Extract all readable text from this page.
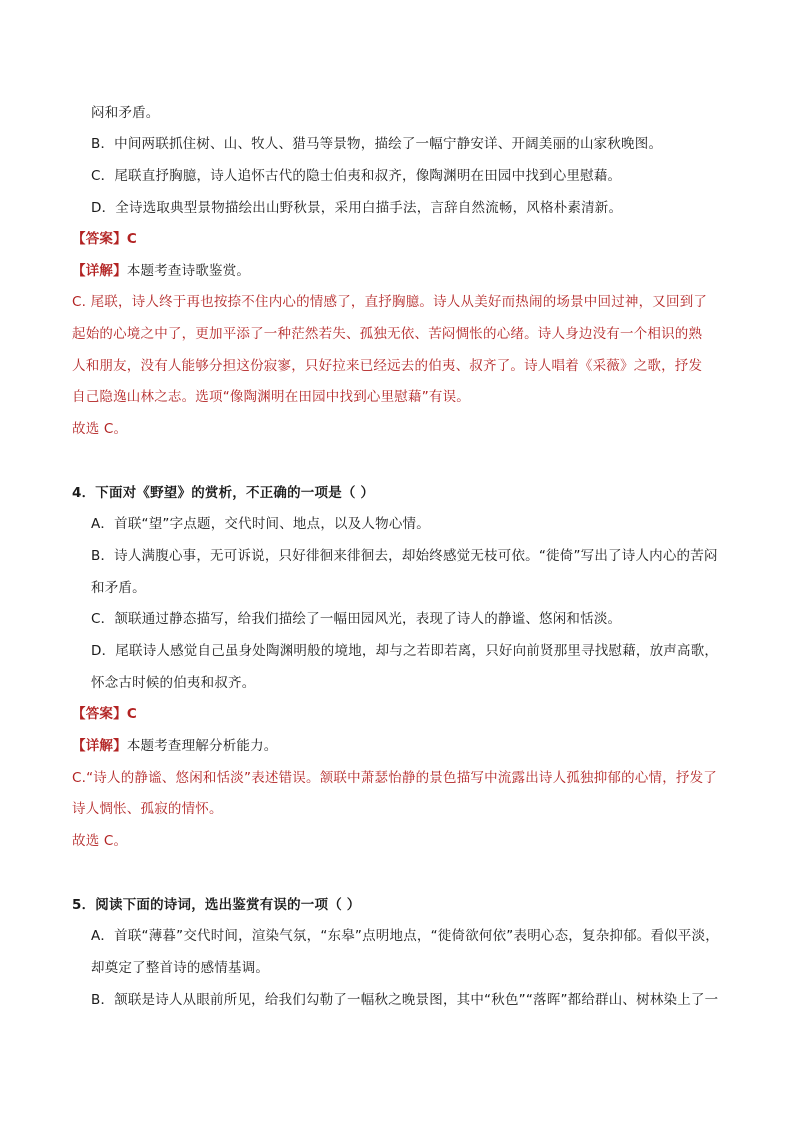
闷和矛盾。
B．中间两联抓住树、山、牧人、猎马等景物，描绘了一幅宁静安详、开阔美丽的山家秋晚图。
C．尾联直抒胸臆，诗人追怀古代的隐士伯夷和叔齐，像陶渊明在田园中找到心里慰藉。
D．全诗选取典型景物描绘出山野秋景，采用白描手法，言辞自然流畅，风格朴素清新。
【答案】C
【详解】本题考查诗歌鉴赏。
C. 尾联，诗人终于再也按捺不住内心的情感了，直抒胸臆。诗人从美好而热闹的场景中回过神，又回到了
起始的心境之中了，更加平添了一种茫然若失、孤独无依、苦闷惆怅的心绪。诗人身边没有一个相识的熟
人和朋友，没有人能够分担这份寂寥，只好拉来已经远去的伯夷、叔齐了。诗人唱着《采薇》之歌，抒发
自己隐逸山林之志。选项“像陶渊明在田园中找到心里慰藉”有误。
故选 C。
4．下面对《野望》的赏析，不正确的一项是（ ）
A．首联“望”字点题，交代时间、地点，以及人物心情。
B．诗人满腹心事，无可诉说，只好徘徊来徘徊去，却始终感觉无枝可依。“徙倚”写出了诗人内心的苦闷
和矛盾。
C．颔联通过静态描写，给我们描绘了一幅田园风光，表现了诗人的静谧、悠闲和恬淡。
D．尾联诗人感觉自己虽身处陶渊明般的境地，却与之若即若离，只好向前贤那里寻找慰藉，放声高歌，
怀念古时候的伯夷和叔齐。
【答案】C
【详解】本题考查理解分析能力。
C.“诗人的静谧、悠闲和恬淡”表述错误。颔联中萧瑟怡静的景色描写中流露出诗人孤独抑郁的心情，抒发了
诗人惆怅、孤寂的情怀。
故选 C。
5．阅读下面的诗词，选出鉴赏有误的一项（ ）
A．首联“薄暮”交代时间，渲染气氛，“东皋”点明地点，“徙倚欲何依”表明心态，复杂抑郁。看似平淡，
却奠定了整首诗的感情基调。
B．颔联是诗人从眼前所见，给我们勾勒了一幅秋之晚景图，其中“秋色”“落晖”都给群山、树林染上了一
